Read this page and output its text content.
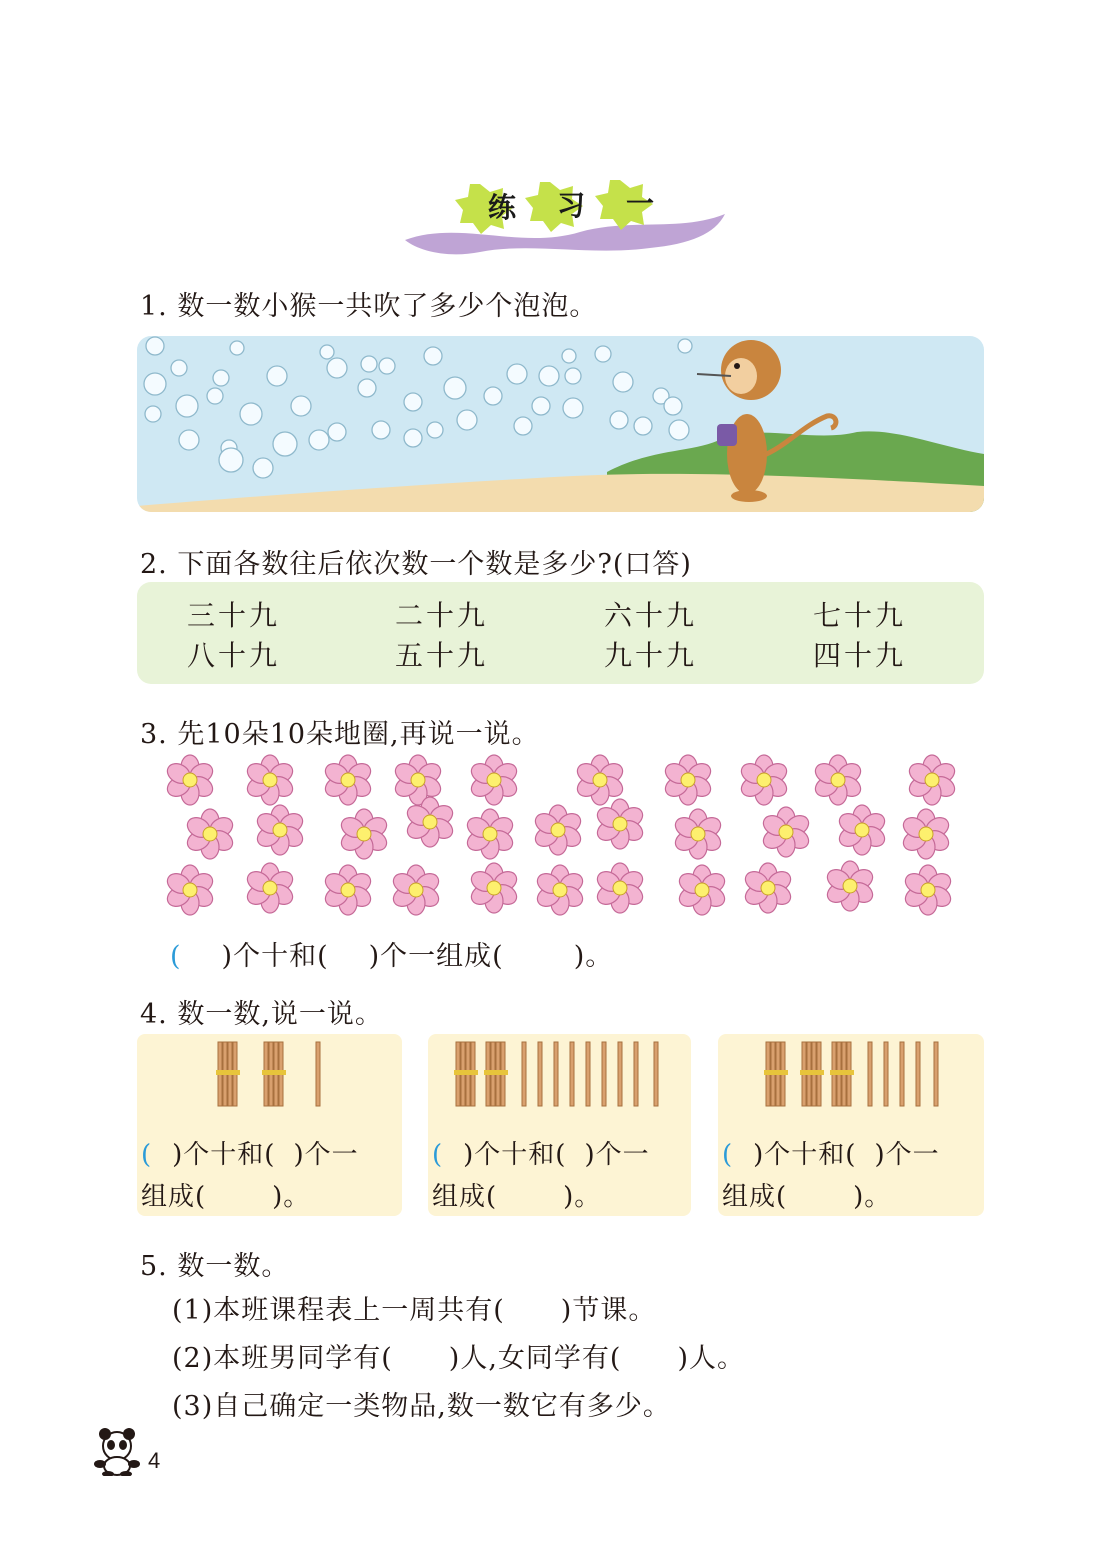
练 习 一
1. 数一数小猴一共吹了多少个泡泡。
2. 下面各数往后依次数一个数是多少?(口答)
三十九	二十九	六十九	七十九
八十九	五十九	九十九	四十九
3. 先10朵10朵地圈,再说一说。
( )个十和( )个一组成(	)。
4. 数一数,说一说。
( )个十和( )个一
组成(	)。
( )个十和( )个一
组成(	)。
( )个十和( )个一
组成(	)。
5. 数一数。
(1)本班课程表上一周共有( )节课。
(2)本班男同学有( )人,女同学有( )人。
(3)自己确定一类物品,数一数它有多少。
4
